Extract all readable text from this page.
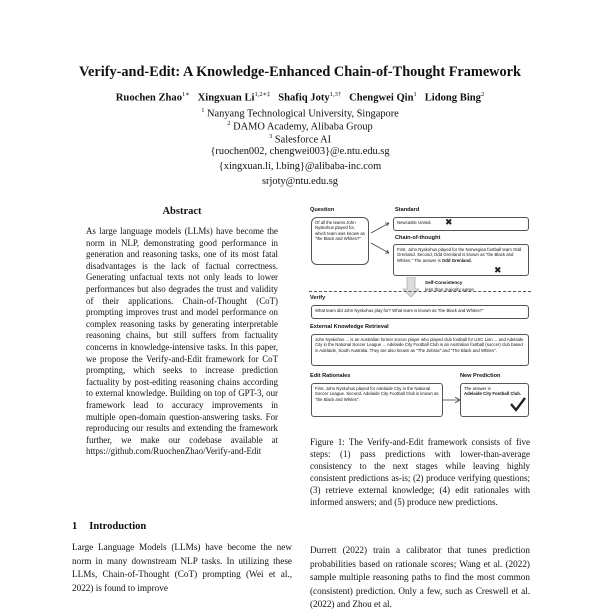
Verify-and-Edit: A Knowledge-Enhanced Chain-of-Thought Framework
Ruochen Zhao$^{1∗}$ Xingxuan $Li^{1,2∗\ddagger}$ Shafiq Joty$^{1,3\dagger}$ Chengwei Qin$^1$ Lidong Bing$^2$
$^1$ Nanyang Technological University, Singapore
$^2$ DAMO Academy, Alibaba Group
$^3$ Salesforce AI
{ruochen002, chengwei003}@e.ntu.edu.sg
{xingxuan.li, l.bing}@alibaba-inc.com
srjoty@ntu.edu.sg
Abstract
As large language models (LLMs) have become the norm in NLP, demonstrating good performance in generation and reasoning tasks, one of its most fatal disadvantages is the lack of factual correctness. Generating unfactual texts not only leads to lower performances but also degrades the trust and validity of their applications. Chain-of-Thought (CoT) prompting improves trust and model performance on complex reasoning tasks by generating interpretable reasoning chains, but still suffers from factuality concerns in knowledge-intensive tasks. In this paper, we propose the Verify-and-Edit framework for CoT prompting, which seeks to increase prediction factuality by post-editing reasoning chains according to external knowledge. Building on top of GPT-3, our framework lead to accuracy improvements in multiple open-domain question-answering tasks. For reproducing our results and extending the framework further, we make our codebase available at https://github.com/RuochenZhao/Verify-and-Edit
1 Introduction
Large Language Models (LLMs) have become the new norm in many downstream NLP tasks. In utilizing these LLMs, Chain-of-Thought (CoT) prompting (Wei et al., 2022) is found to improve
Question
Of all the teams John Nyskohus played for, which team was known as "the Black and Whites?"
Standard
Newcastle United.	✖
Chain-of-thought
First, John Nyskohus played for the Norwegian football team Odd Grenland. Second, Odd Grenland is known as "the Black and Whites." The answer is Odd Grenland.
✖
Self-Consistency
less than majority agree
Verify
What team did John Nyskohus play for? What team is known as "the Black and Whites?"
External Knowledge Retrieval
John Nyskohus ... is an Australian former soccer player who played club football for USC Lion ... and Adelaide City in the National Soccer League ... Adelaide City Football Club is an Australian football (soccer) club based in Adelaide, South Australia. They are also known as "The Zebras" and "The Black and Whites".
Edit Rationales
First, John Nyskohus played for Adelaide City in the National Soccer League. Second, Adelaide City Football Club is known as "the Black and Whites".
New Prediction
The answer is
Adelaide City Football Club.
Figure 1: The Verify-and-Edit framework consists of five steps: (1) pass predictions with lower-than-average consistency to the next stages while leaving highly consistent predictions as-is; (2) produce verifying questions; (3) retrieve external knowledge; (4) edit rationales with informed answers; and (5) produce new predictions.
Durrett (2022) train a calibrator that tunes prediction probabilities based on rationale scores; Wang et al. (2022) sample multiple reasoning paths to find the most common (consistent) prediction. Only a few, such as Creswell et al. (2022) and Zhou et al.
